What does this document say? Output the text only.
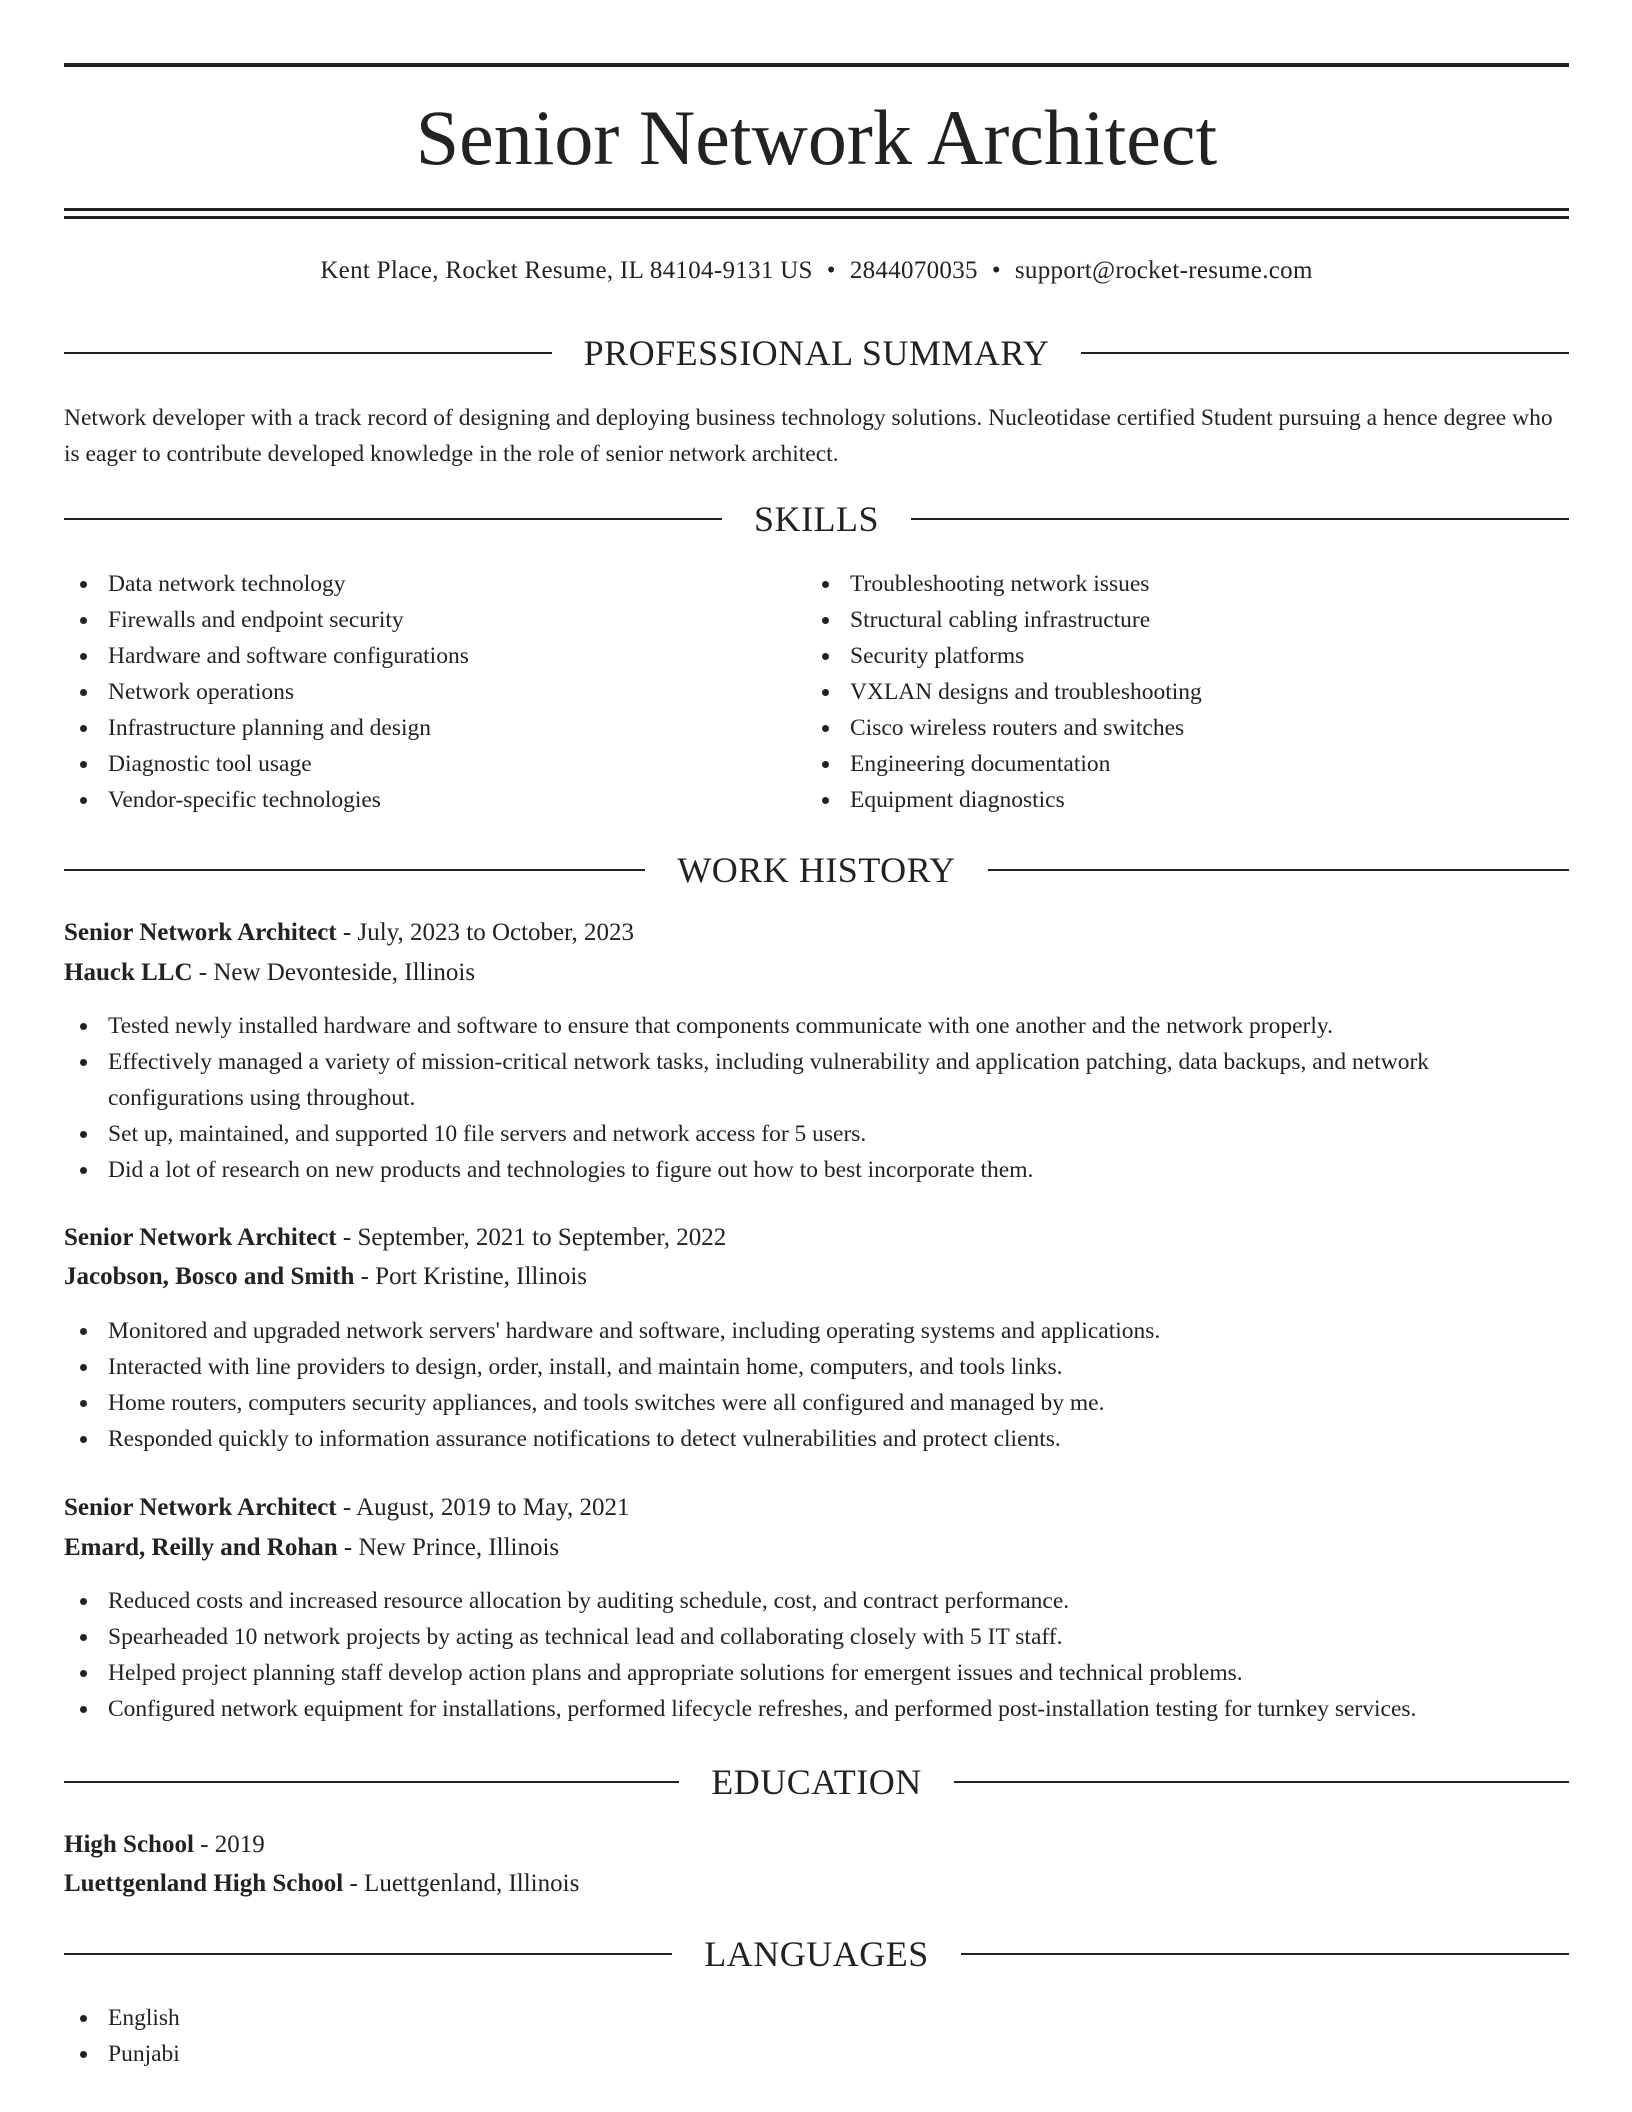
Senior Network Architect
Kent Place, Rocket Resume, IL 84104-9131 US • 2844070035 • support@rocket-resume.com
PROFESSIONAL SUMMARY
Network developer with a track record of designing and deploying business technology solutions. Nucleotidase certified Student pursuing a hence degree who is eager to contribute developed knowledge in the role of senior network architect.
SKILLS
Data network technology
Firewalls and endpoint security
Hardware and software configurations
Network operations
Infrastructure planning and design
Diagnostic tool usage
Vendor-specific technologies
Troubleshooting network issues
Structural cabling infrastructure
Security platforms
VXLAN designs and troubleshooting
Cisco wireless routers and switches
Engineering documentation
Equipment diagnostics
WORK HISTORY
Senior Network Architect - July, 2023 to October, 2023
Hauck LLC - New Devonteside, Illinois
Tested newly installed hardware and software to ensure that components communicate with one another and the network properly.
Effectively managed a variety of mission-critical network tasks, including vulnerability and application patching, data backups, and network configurations using throughout.
Set up, maintained, and supported 10 file servers and network access for 5 users.
Did a lot of research on new products and technologies to figure out how to best incorporate them.
Senior Network Architect - September, 2021 to September, 2022
Jacobson, Bosco and Smith - Port Kristine, Illinois
Monitored and upgraded network servers' hardware and software, including operating systems and applications.
Interacted with line providers to design, order, install, and maintain home, computers, and tools links.
Home routers, computers security appliances, and tools switches were all configured and managed by me.
Responded quickly to information assurance notifications to detect vulnerabilities and protect clients.
Senior Network Architect - August, 2019 to May, 2021
Emard, Reilly and Rohan - New Prince, Illinois
Reduced costs and increased resource allocation by auditing schedule, cost, and contract performance.
Spearheaded 10 network projects by acting as technical lead and collaborating closely with 5 IT staff.
Helped project planning staff develop action plans and appropriate solutions for emergent issues and technical problems.
Configured network equipment for installations, performed lifecycle refreshes, and performed post-installation testing for turnkey services.
EDUCATION
High School - 2019
Luettgenland High School - Luettgenland, Illinois
LANGUAGES
English
Punjabi
